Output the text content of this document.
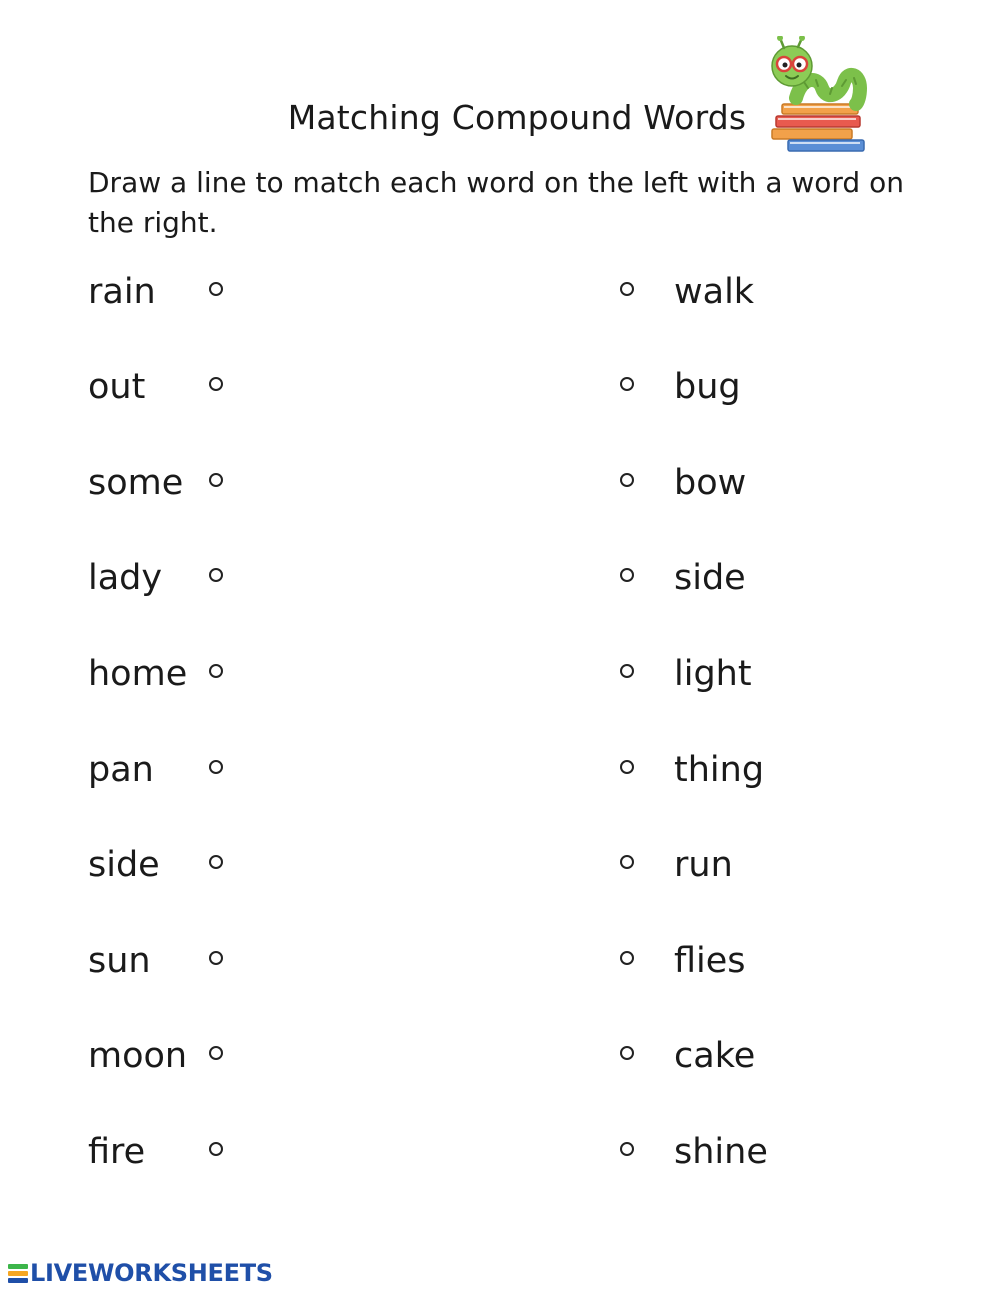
Matching Compound Words
Draw a line to match each word on the left with a word on the right.
rain	walk
out	bug
some	bow
lady	side
home	light
pan	thing
side	run
sun	flies
moon	cake
fire	shine
LIVEWORKSHEETS
